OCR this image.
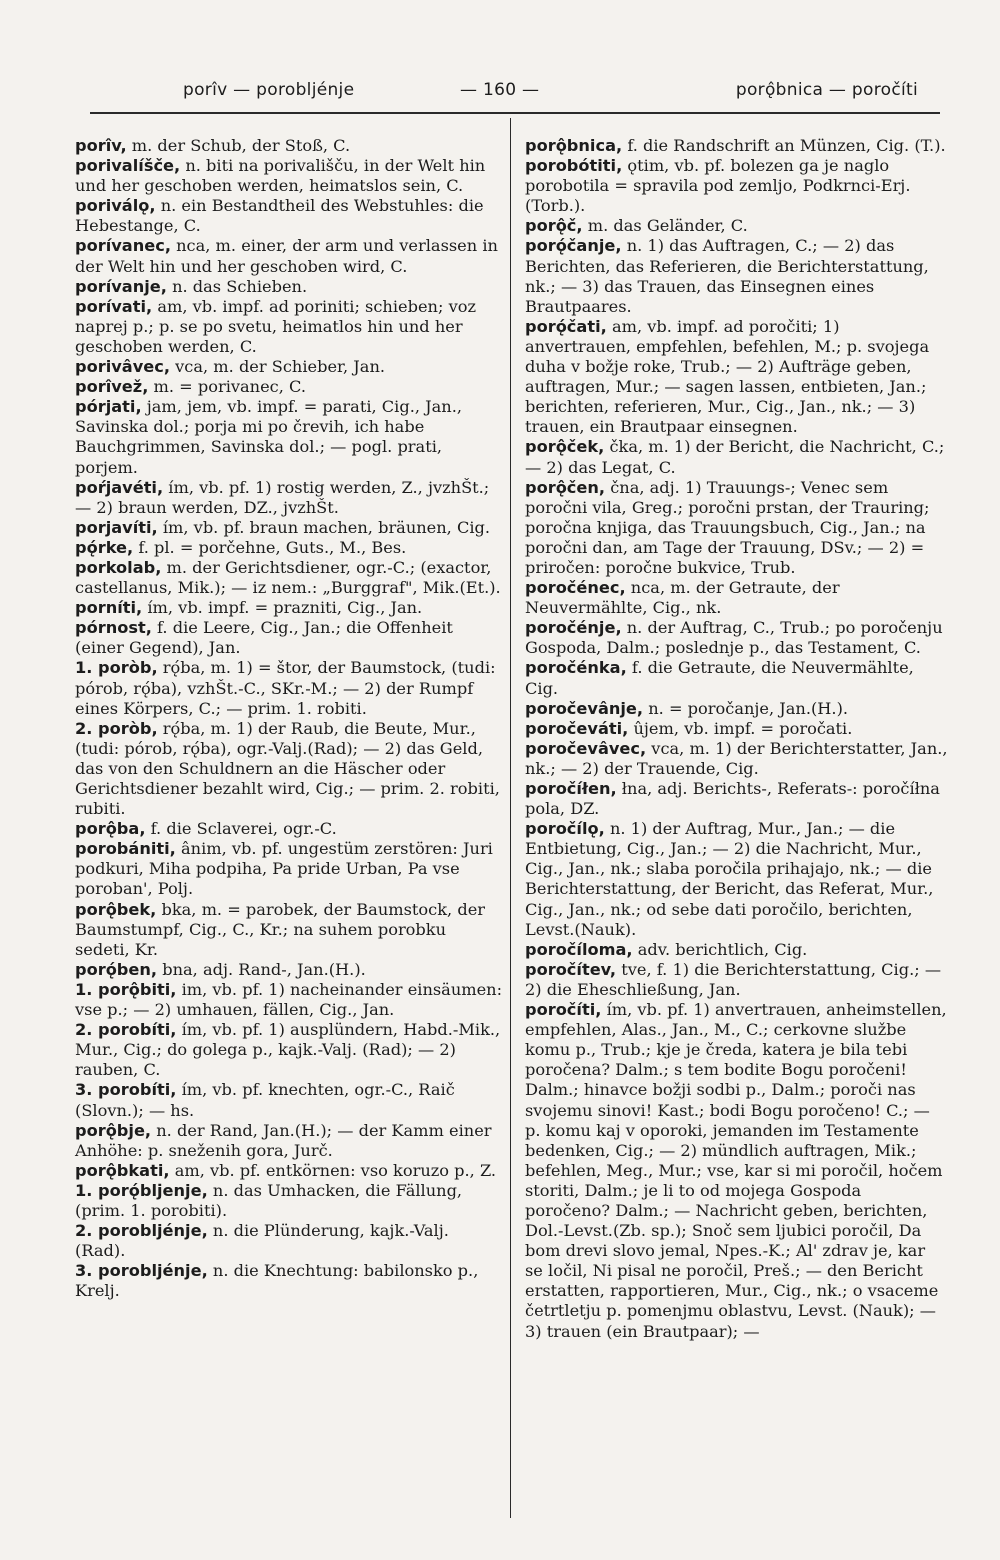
porîv — poroblјénje	— 160 —	porǫ̂bnica — poročíti

porîv, m. der Schub, der Stoß, C.

porivalíšče, n. biti na porivališču, in der Welt hin und her geschoben werden, heimatslos sein, C.

poriválǫ, n. ein Bestandtheil des Webstuhles: die Hebestange, C.

porívanec, nca, m. einer, der arm und verlassen in der Welt hin und her geschoben wird, C.

porívanje, n. das Schieben.

porívati, am, vb. impf. ad poriniti; schieben; voz naprej p.; p. se po svetu, heimatlos hin und her geschoben werden, C.

porivâvec, vca, m. der Schieber, Jan.

porîvež, m. = porivanec, C.

pórjati, jam, jem, vb. impf. = parati, Cig., Jan., Savinska dol.; porja mi po črevih, ich habe Bauchgrimmen, Savinska dol.; — pogl. prati, porjem.

poŕjavéti, ím, vb. pf. 1) rostig werden, Z., jvzhŠt.; — 2) braun werden, DZ., jvzhŠt.

porjavíti, ím, vb. pf. braun machen, bräunen, Cig.

pǫ́rke, f. pl. = porčehne, Guts., M., Bes.

porkolab, m. der Gerichtsdiener, ogr.-C.; (exactor, castellanus, Mik.); — iz nem.: „Burggraf", Mik.(Et.).

porníti, ím, vb. impf. = prazniti, Cig., Jan.

pórnost, f. die Leere, Cig., Jan.; die Offenheit (einer Gegend), Jan.

1. poròb, rǫ́ba, m. 1) = štor, der Baumstock, (tudi: pórob, rǫ́ba), vzhŠt.-C., SKr.-M.; — 2) der Rumpf eines Körpers, C.; — prim. 1. robiti.

2. poròb, rǫ́ba, m. 1) der Raub, die Beute, Mur., (tudi: pórob, rǫ́ba), ogr.-Valj.(Rad); — 2) das Geld, das von den Schuldnern an die Häscher oder Gerichtsdiener bezahlt wird, Cig.; — prim. 2. robiti, rubiti.

porǫ̂ba, f. die Sclaverei, ogr.-C.

porobániti, ânim, vb. pf. ungestüm zerstören: Juri podkuri, Miha podpiha, Pa pride Urban, Pa vse poroban', Polj.

porǫ̂bek, bka, m. = parobek, der Baumstock, der Baumstumpf, Cig., C., Kr.; na suhem porobku sedeti, Kr.

porǫ́ben, bna, adj. Rand-, Jan.(H.).

1. porǫ̂biti, im, vb. pf. 1) nacheinander einsäumen: vse p.; — 2) umhauen, fällen, Cig., Jan.

2. porobíti, ím, vb. pf. 1) ausplündern, Habd.-Mik., Mur., Cig.; do golega p., kajk.-Valj. (Rad); — 2) rauben, C.

3. porobíti, ím, vb. pf. knechten, ogr.-C., Raič (Slovn.); — hs.

porǫ̂bje, n. der Rand, Jan.(H.); — der Kamm einer Anhöhe: p. sneženih gora, Jurč.

porǫ̂bkati, am, vb. pf. entkörnen: vso koruzo p., Z.

1. porǫ́blјenje, n. das Umhacken, die Fällung, (prim. 1. porobiti).

2. porobljénje, n. die Plünderung, kajk.-Valj. (Rad).

3. porobljénje, n. die Knechtung: babilonsko p., Krelj.

porǫ̂bnica, f. die Randschrift an Münzen, Cig. (T.).

porobótiti, ǫtim, vb. pf. bolezen ga je naglo porobotila = spravila pod zemljo, Podkrnci-Erj.(Torb.).

porǫ̂č, m. das Geländer, C.

porǫ́čanje, n. 1) das Auftragen, C.; — 2) das Berichten, das Referieren, die Berichterstattung, nk.; — 3) das Trauen, das Einsegnen eines Brautpaares.

porǫ́čati, am, vb. impf. ad poročiti; 1) anvertrauen, empfehlen, befehlen, M.; p. svojega duha v božje roke, Trub.; — 2) Aufträge geben, auftragen, Mur.; — sagen lassen, entbieten, Jan.; berichten, referieren, Mur., Cig., Jan., nk.; — 3) trauen, ein Brautpaar einsegnen.

porǫ̂ček, čka, m. 1) der Bericht, die Nachricht, C.; — 2) das Legat, C.

porǫ̂čen, čna, adj. 1) Trauungs-; Venec sem poročni vila, Greg.; poročni prstan, der Trauring; poročna knjiga, das Trauungsbuch, Cig., Jan.; na poročni dan, am Tage der Trauung, DSv.; — 2) = priročen: poročne bukvice, Trub.

poročénec, nca, m. der Getraute, der Neuvermählte, Cig., nk.

poročénje, n. der Auftrag, C., Trub.; po poročenju Gospoda, Dalm.; poslednje p., das Testament, C.

poročénka, f. die Getraute, die Neuvermählte, Cig.

poročevânje, n. = poročanje, Jan.(H.).

poročeváti, ûjem, vb. impf. = poročati.

poročevâvec, vca, m. 1) der Berichterstatter, Jan., nk.; — 2) der Trauende, Cig.

poročíłen, łna, adj. Berichts-, Referats-: poročíłna pola, DZ.

poročílǫ, n. 1) der Auftrag, Mur., Jan.; — die Entbietung, Cig., Jan.; — 2) die Nachricht, Mur., Cig., Jan., nk.; slaba poročila prihajajo, nk.; — die Berichterstattung, der Bericht, das Referat, Mur., Cig., Jan., nk.; od sebe dati poročilo, berichten, Levst.(Nauk).

poročíloma, adv. berichtlich, Cig.

poročítev, tve, f. 1) die Berichterstattung, Cig.; — 2) die Eheschließung, Jan.

poročíti, ím, vb. pf. 1) anvertrauen, anheimstellen, empfehlen, Alas., Jan., M., C.; cerkovne službe komu p., Trub.; kje je čreda, katera je bila tebi poročena? Dalm.; s tem bodite Bogu poročeni! Dalm.; hinavce božji sodbi p., Dalm.; poroči nas svojemu sinovi! Kast.; bodi Bogu poročeno! C.; — p. komu kaj v oporoki, jemanden im Testamente bedenken, Cig.; — 2) mündlich auftragen, Mik.; befehlen, Meg., Mur.; vse, kar si mi poročil, hočem storiti, Dalm.; je li to od mojega Gospoda poročeno? Dalm.; — Nachricht geben, berichten, Dol.-Levst.(Zb. sp.); Snoč sem ljubici poročil, Da bom drevi slovo jemal, Npes.-K.; Al' zdrav je, kar se ločil, Ni pisal ne poročil, Preš.; — den Bericht erstatten, rapportieren, Mur., Cig., nk.; o vsaceme četrtletju p. pomenjmu oblastvu, Levst. (Nauk); — 3) trauen (ein Brautpaar); —
